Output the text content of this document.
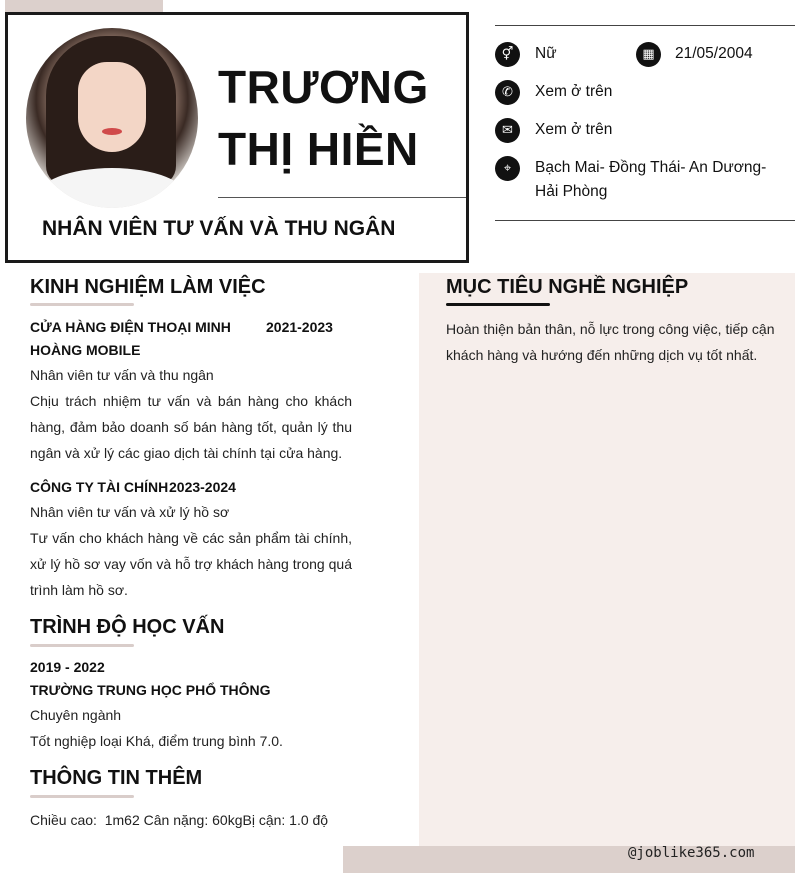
TRƯƠNG
THỊ HIỀN
NHÂN VIÊN TƯ VẤN VÀ THU NGÂN
⚥	Nữ	▦	21/05/2004
✆	Xem ở trên
✉	Xem ở trên
⌖	Bạch Mai- Đồng Thái- An Dương-
Hải Phòng
MỤC TIÊU NGHỀ NGHIỆP
Hoàn thiện bản thân, nỗ lực trong công việc, tiếp cận khách hàng và hướng đến những dịch vụ tốt nhất.
KINH NGHIỆM LÀM VIỆC
CỬA HÀNG ĐIỆN THOẠI MINH	2021-2023
HOÀNG MOBILE
Nhân viên tư vấn và thu ngân
Chịu trách nhiệm tư vấn và bán hàng cho khách hàng, đảm bảo doanh số bán hàng tốt, quản lý thu ngân và xử lý các giao dịch tài chính tại cửa hàng.
CÔNG TY TÀI CHÍNH 2023-2024
Nhân viên tư vấn và xử lý hồ sơ
Tư vấn cho khách hàng về các sản phẩm tài chính, xử lý hồ sơ vay vốn và hỗ trợ khách hàng trong quá trình làm hồ sơ.
TRÌNH ĐỘ HỌC VẤN
2019 - 2022
TRƯỜNG TRUNG HỌC PHỔ THÔNG
Chuyên ngành
Tốt nghiệp loại Khá, điểm trung bình 7.0.
THÔNG TIN THÊM
Chiều cao:  1m62 Cân nặng: 60kgBị cận: 1.0 độ
@joblike365.com
